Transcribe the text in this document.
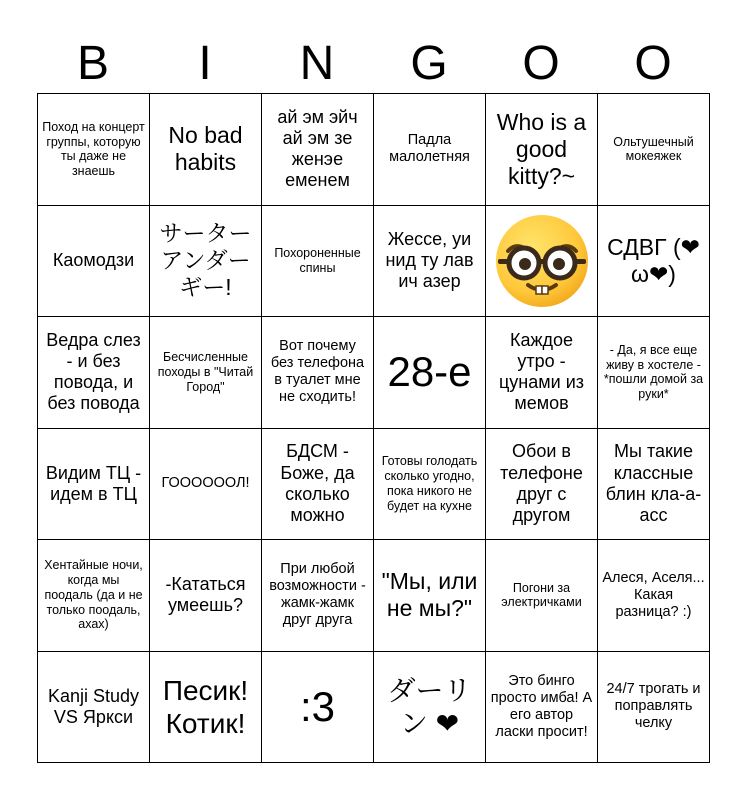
B	I	N	G	O	O
Поход на концерт группы, которую ты даже не знаешь	No bad habits	ай эм эйч ай эм зе женэе еменем	Падла малолетняя	Who is a good kitty?~	Ольтушечный мокеяжек
Каомодзи	サーターアンダーギー!	Похороненные спины	Жессе, уи нид ту лав ич азер		СДВГ (❤ω❤)
Ведра слез - и без повода, и без повода	Бесчисленные походы в "Читай Город"	Вот почему без телефона в туалет мне не сходить!	28-е	Каждое утро - цунами из мемов	- Да, я все еще живу в хостеле - *пошли домой за руки*
Видим ТЦ - идем в ТЦ	ГООООООЛ!	БДСМ - Боже, да сколько можно	Готовы голодать сколько угодно, пока никого не будет на кухне	Обои в телефоне друг с другом	Мы такие классные блин кла-а-асс
Хентайные ночи, когда мы поодаль (да и не только поодаль, ахах)	-Кататься умеешь?	При любой возможности - жамк-жамк друг друга	"Мы, или не мы?"	Погони за электричками	Алеся, Аселя... Какая разница? :)
Kanji Study VS Яркси	Песик! Котик!	:3	ダーリン ❤	Это бинго просто имба! А его автор ласки просит!	24/7 трогать и поправлять челку
